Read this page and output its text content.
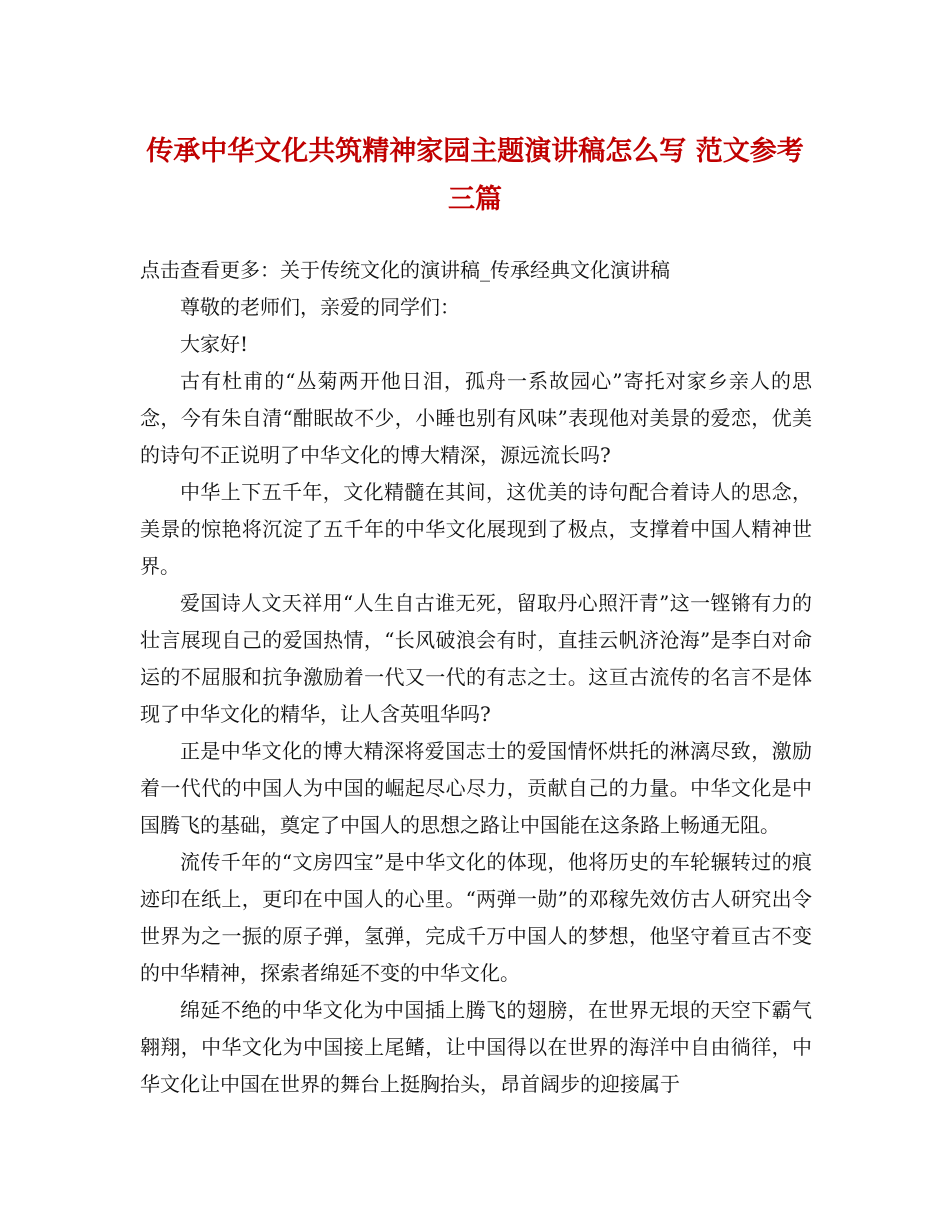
传承中华文化共筑精神家园主题演讲稿怎么写 范文参考三篇

点击查看更多：关于传统文化的演讲稿_传承经典文化演讲稿

尊敬的老师们，亲爱的同学们：

大家好!

古有杜甫的“丛菊两开他日泪，孤舟一系故园心”寄托对家乡亲人的思念，今有朱自清“酣眠故不少，小睡也别有风味”表现他对美景的爱恋，优美的诗句不正说明了中华文化的博大精深，源远流长吗?

中华上下五千年，文化精髓在其间，这优美的诗句配合着诗人的思念，美景的惊艳将沉淀了五千年的中华文化展现到了极点，支撑着中国人精神世界。

爱国诗人文天祥用“人生自古谁无死，留取丹心照汗青”这一铿锵有力的壮言展现自己的爱国热情，“长风破浪会有时，直挂云帆济沧海”是李白对命运的不屈服和抗争激励着一代又一代的有志之士。这亘古流传的名言不是体现了中华文化的精华，让人含英咀华吗?

正是中华文化的博大精深将爱国志士的爱国情怀烘托的淋漓尽致，激励着一代代的中国人为中国的崛起尽心尽力，贡献自己的力量。中华文化是中国腾飞的基础，奠定了中国人的思想之路让中国能在这条路上畅通无阻。

流传千年的“文房四宝”是中华文化的体现，他将历史的车轮辗转过的痕迹印在纸上，更印在中国人的心里。“两弹一勋”的邓稼先效仿古人研究出令世界为之一振的原子弹，氢弹，完成千万中国人的梦想，他坚守着亘古不变的中华精神，探索者绵延不变的中华文化。

绵延不绝的中华文化为中国插上腾飞的翅膀，在世界无垠的天空下霸气翱翔，中华文化为中国接上尾鳍，让中国得以在世界的海洋中自由徜徉，中华文化让中国在世界的舞台上挺胸抬头，昂首阔步的迎接属于
